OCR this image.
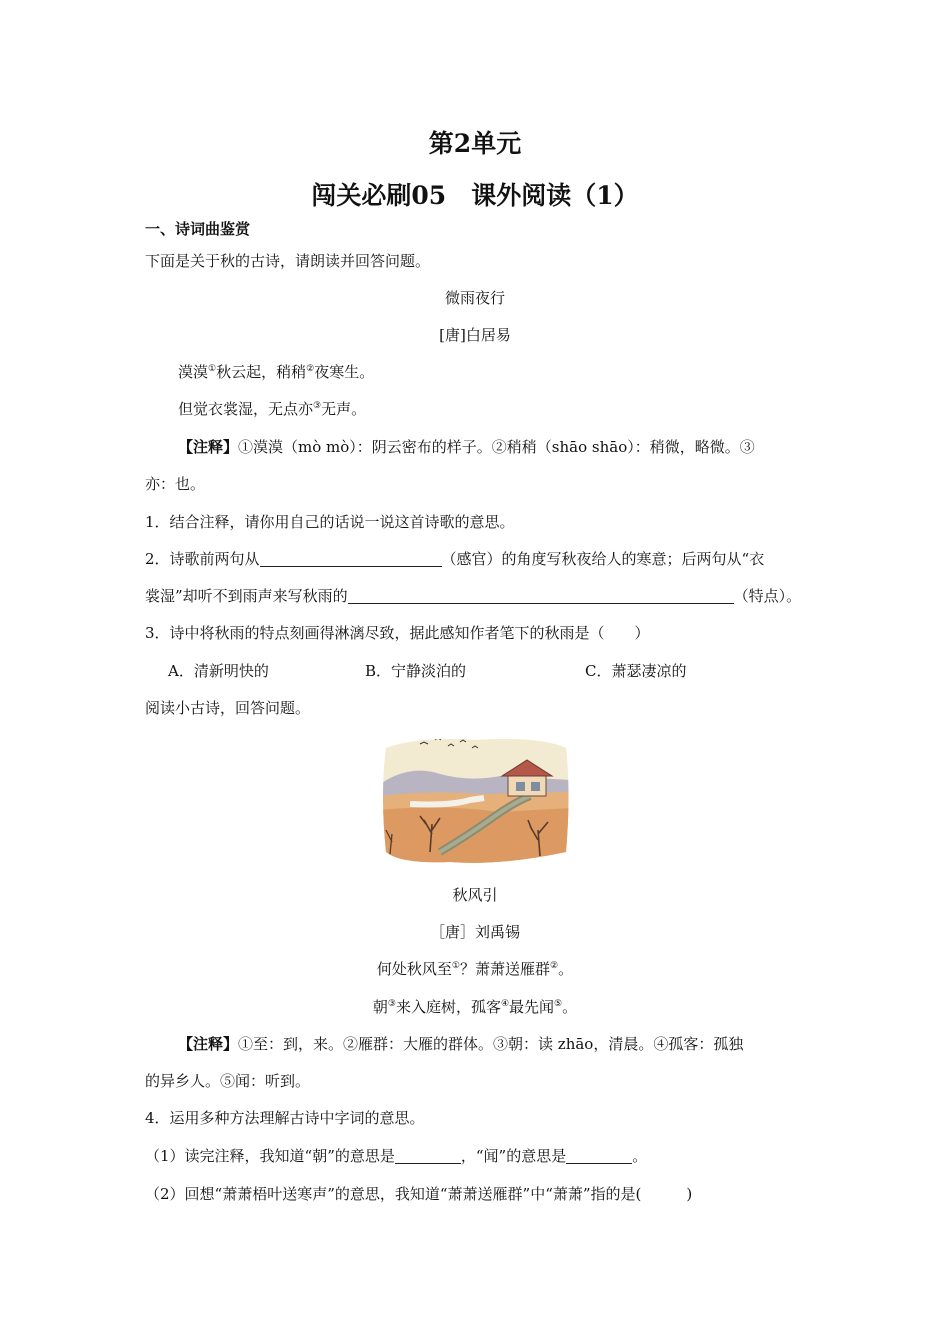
第2单元
闯关必刷05　课外阅读（1）
一、诗词曲鉴赏
下面是关于秋的古诗，请朗读并回答问题。
微雨夜行
[唐]白居易
漠漠①秋云起，稍稍②夜寒生。
但觉衣裳湿，无点亦③无声。
【注释】①漠漠（mò mò）：阴云密布的样子。②稍稍（shāo shāo）：稍微，略微。③
亦：也。
1．结合注释，请你用自己的话说一说这首诗歌的意思。
2．诗歌前两句从	（感官）的角度写秋夜给人的寒意；后两句从“衣
裳湿”却听不到雨声来写秋雨的	（特点）。
3．诗中将秋雨的特点刻画得淋漓尽致，据此感知作者笔下的秋雨是（　　）
A．清新明快的	B．宁静淡泊的	C．萧瑟凄凉的
阅读小古诗，回答问题。
秋风引
［唐］刘禹锡
何处秋风至①？萧萧送雁群②。
朝③来入庭树，孤客④最先闻⑤。
【注释】①至：到，来。②雁群：大雁的群体。③朝：读 zhāo，清晨。④孤客：孤独
的异乡人。⑤闻：听到。
4．运用多种方法理解古诗中字词的意思。
（1）读完注释，我知道“朝”的意思是	，“闻”的意思是	。
（2）回想“萧萧梧叶送寒声”的意思，我知道“萧萧送雁群”中“萧萧”指的是(　　　)
